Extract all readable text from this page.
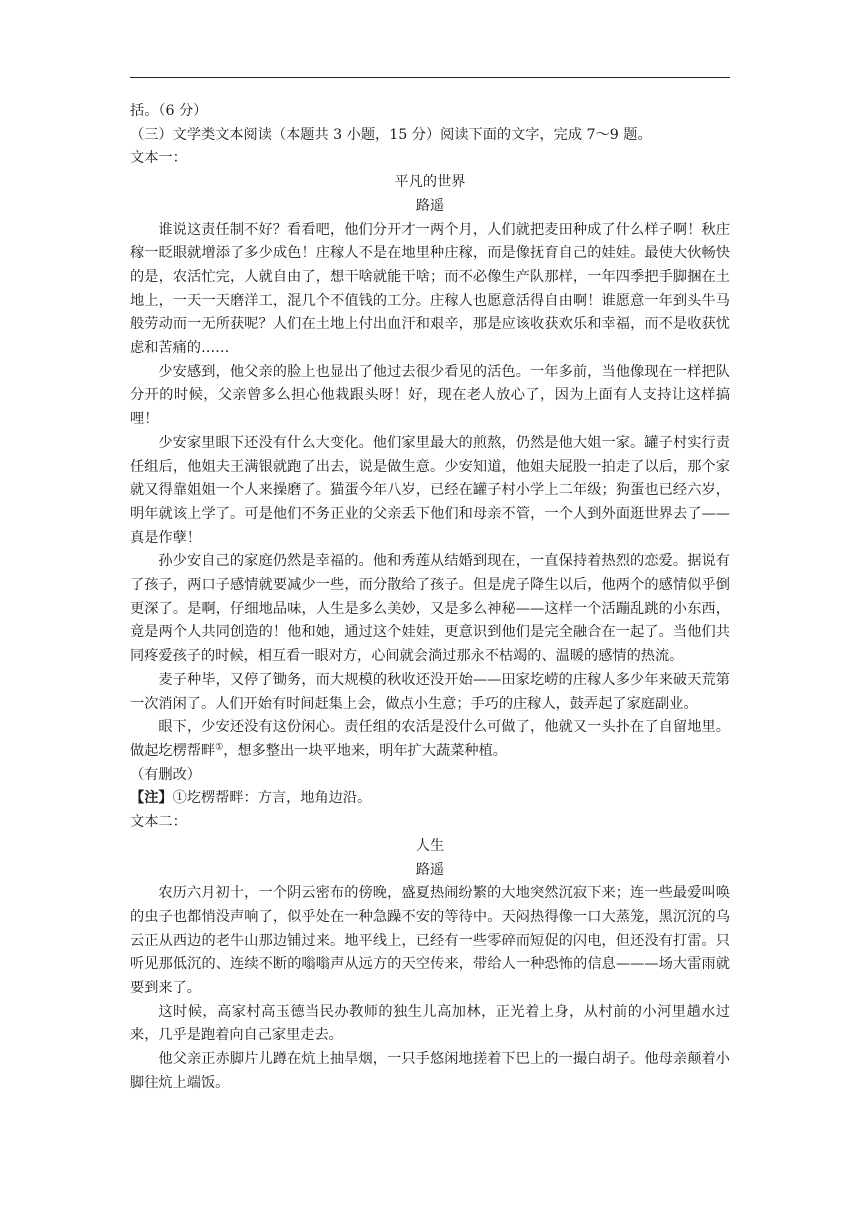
括。（6 分）

（三）文学类文本阅读（本题共 3 小题，15 分）阅读下面的文字，完成 7～9 题。

文本一：

平凡的世界

路遥

谁说这责任制不好？看看吧，他们分开才一两个月，人们就把麦田种成了什么样子啊！秋庄稼一眨眼就增添了多少成色！庄稼人不是在地里种庄稼，而是像抚育自己的娃娃。最使大伙畅快的是，农活忙完，人就自由了，想干啥就能干啥；而不必像生产队那样，一年四季把手脚捆在土地上，一天一天磨洋工，混几个不值钱的工分。庄稼人也愿意活得自由啊！谁愿意一年到头牛马般劳动而一无所获呢？人们在土地上付出血汗和艰辛，那是应该收获欢乐和幸福，而不是收获忧虑和苦痛的……

少安感到，他父亲的脸上也显出了他过去很少看见的活色。一年多前，当他像现在一样把队分开的时候，父亲曾多么担心他栽跟头呀！好，现在老人放心了，因为上面有人支持让这样搞哩！

少安家里眼下还没有什么大变化。他们家里最大的煎熬，仍然是他大姐一家。罐子村实行责任组后，他姐夫王满银就跑了出去，说是做生意。少安知道，他姐夫屁股一拍走了以后，那个家就又得靠姐姐一个人来操磨了。猫蛋今年八岁，已经在罐子村小学上二年级；狗蛋也已经六岁，明年就该上学了。可是他们不务正业的父亲丢下他们和母亲不管，一个人到外面逛世界去了——真是作孽！

孙少安自己的家庭仍然是幸福的。他和秀莲从结婚到现在，一直保持着热烈的恋爱。据说有了孩子，两口子感情就要减少一些，而分散给了孩子。但是虎子降生以后，他两个的感情似乎倒更深了。是啊，仔细地品味，人生是多么美妙，又是多么神秘——这样一个活蹦乱跳的小东西，竟是两个人共同创造的！他和她，通过这个娃娃，更意识到他们是完全融合在一起了。当他们共同疼爱孩子的时候，相互看一眼对方，心间就会淌过那永不枯竭的、温暖的感情的热流。

麦子种毕，又停了锄务，而大规模的秋收还没开始——田家圪崂的庄稼人多少年来破天荒第一次消闲了。人们开始有时间赶集上会，做点小生意；手巧的庄稼人，鼓弄起了家庭副业。

眼下，少安还没有这份闲心。责任组的农活是没什么可做了，他就又一头扑在了自留地里。做起圪楞帮畔①，想多整出一块平地来，明年扩大蔬菜种植。

（有删改）

【注】①圪楞帮畔：方言，地角边沿。

文本二：

人生

路遥

农历六月初十，一个阴云密布的傍晚，盛夏热闹纷繁的大地突然沉寂下来；连一些最爱叫唤的虫子也都悄没声响了，似乎处在一种急躁不安的等待中。天闷热得像一口大蒸笼，黑沉沉的乌云正从西边的老牛山那边铺过来。地平线上，已经有一些零碎而短促的闪电，但还没有打雷。只听见那低沉的、连续不断的嗡嗡声从远方的天空传来，带给人一种恐怖的信息———场大雷雨就要到来了。

这时候，高家村高玉德当民办教师的独生儿高加林，正光着上身，从村前的小河里趟水过来，几乎是跑着向自己家里走去。

他父亲正赤脚片儿蹲在炕上抽旱烟，一只手悠闲地搓着下巴上的一撮白胡子。他母亲颠着小脚往炕上端饭。
